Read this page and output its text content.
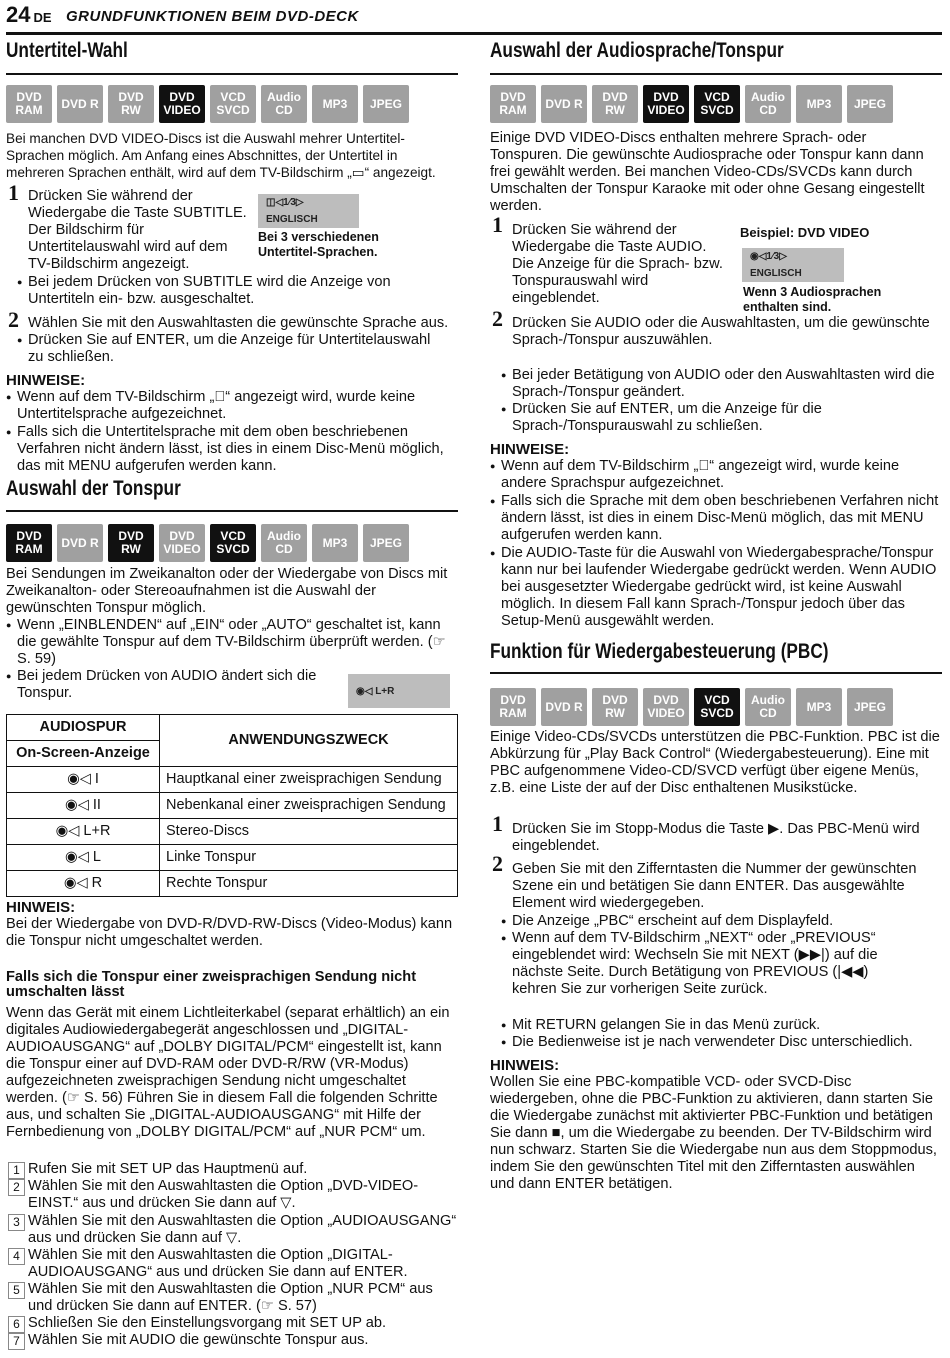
24 DE GRUNDFUNKTIONEN BEIM DVD-DECK
Untertitel-Wahl
DVD RAM	DVD R	DVD RW
DVD VIDEO
VCD SVCD
Audio CD	MP3	JPEG
Bei manchen DVD VIDEO-Discs ist die Auswahl mehrer Untertitel-Sprachen möglich. Am Anfang eines Abschnittes, der Untertitel in mehreren Sprachen enthält, wird auf dem TV-Bildschirm „▭“ angezeigt.
1 Drücken Sie während der Wiedergabe die Taste SUBTITLE. Der Bildschirm für Untertitelauswahl wird auf dem TV-Bildschirm angezeigt.
◫◁1⁄3▷ ENGLISCH
Bei 3 verschiedenen Untertitel-Sprachen.
● Bei jedem Drücken von SUBTITLE wird die Anzeige von Untertiteln ein- bzw. ausgeschaltet.
2 Wählen Sie mit den Auswahltasten die gewünschte Sprache aus.
● Drücken Sie auf ENTER, um die Anzeige für Untertitelauswahl zu schließen.
HINWEISE:
● Wenn auf dem TV-Bildschirm „⃠“ angezeigt wird, wurde keine Untertitelsprache aufgezeichnet.
● Falls sich die Untertitelsprache mit dem oben beschriebenen Verfahren nicht ändern lässt, ist dies in einem Disc-Menü möglich, das mit MENU aufgerufen werden kann.
Auswahl der Tonspur
DVD RAM	DVD R	DVD RW
DVD VIDEO
VCD SVCD
Audio CD	MP3	JPEG
Bei Sendungen im Zweikanalton oder der Wiedergabe von Discs mit Zweikanalton- oder Stereoaufnahmen ist die Auswahl der gewünschten Tonspur möglich.
● Wenn „EINBLENDEN“ auf „EIN“ oder „AUTO“ geschaltet ist, kann die gewählte Tonspur auf dem TV-Bildschirm überprüft werden. (☞ S. 59)
● Bei jedem Drücken von AUDIO ändert sich die Tonspur.	◉◁ L+R
AUDIOSPUR	ANWENDUNGSZWECK
On-Screen-Anzeige	
◉◁ I	Hauptkanal einer zweisprachigen Sendung
◉◁ II	Nebenkanal einer zweisprachigen Sendung
◉◁ L+R	Stereo-Discs
◉◁ L	Linke Tonspur
◉◁ R	Rechte Tonspur
HINWEIS:
Bei der Wiedergabe von DVD-R/DVD-RW-Discs (Video-Modus) kann die Tonspur nicht umgeschaltet werden.
Falls sich die Tonspur einer zweisprachigen Sendung nicht umschalten lässt
Wenn das Gerät mit einem Lichtleiterkabel (separat erhältlich) an ein digitales Audiowiedergabegerät angeschlossen und „DIGITAL-AUDIOAUSGANG“ auf „DOLBY DIGITAL/PCM“ eingestellt ist, kann die Tonspur einer auf DVD-RAM oder DVD-R/RW (VR-Modus) aufgezeichneten zweisprachigen Sendung nicht umgeschaltet werden. (☞ S. 56) Führen Sie in diesem Fall die folgenden Schritte aus, und schalten Sie „DIGITAL-AUDIOAUSGANG“ mit Hilfe der Fernbedienung von „DOLBY DIGITAL/PCM“ auf „NUR PCM“ um.
1 Rufen Sie mit SET UP das Hauptmenü auf.
2 Wählen Sie mit den Auswahltasten die Option „DVD-VIDEO-EINST.“ aus und drücken Sie dann auf ▽.
3 Wählen Sie mit den Auswahltasten die Option „AUDIOAUSGANG“ aus und drücken Sie dann auf ▽.
4 Wählen Sie mit den Auswahltasten die Option „DIGITAL-AUDIOAUSGANG“ aus und drücken Sie dann auf ENTER.
5 Wählen Sie mit den Auswahltasten die Option „NUR PCM“ aus und drücken Sie dann auf ENTER. (☞ S. 57)
6 Schließen Sie den Einstellungsvorgang mit SET UP ab.
7 Wählen Sie mit AUDIO die gewünschte Tonspur aus.
Auswahl der Audiosprache/Tonspur
DVD RAM	DVD R	DVD RW
DVD VIDEO
VCD SVCD
Audio CD	MP3	JPEG
Einige DVD VIDEO-Discs enthalten mehrere Sprach- oder Tonspuren. Die gewünschte Audiosprache oder Tonspur kann dann frei gewählt werden. Bei manchen Video-CDs/SVCDs kann durch Umschalten der Tonspur Karaoke mit oder ohne Gesang eingestellt werden.
1 Drücken Sie während der Wiedergabe die Taste AUDIO. Die Anzeige für die Sprach- bzw. Tonspurauswahl wird eingeblendet.
Beispiel: DVD VIDEO
◉◁1⁄3▷ ENGLISCH
Wenn 3 Audiosprachen enthalten sind.
2 Drücken Sie AUDIO oder die Auswahltasten, um die gewünschte Sprach-/Tonspur auszuwählen.
● Bei jeder Betätigung von AUDIO oder den Auswahltasten wird die Sprach-/Tonspur geändert.
● Drücken Sie auf ENTER, um die Anzeige für die Sprach-/Tonspurauswahl zu schließen.
HINWEISE:
● Wenn auf dem TV-Bildschirm „⃠“ angezeigt wird, wurde keine andere Sprachspur aufgezeichnet.
● Falls sich die Sprache mit dem oben beschriebenen Verfahren nicht ändern lässt, ist dies in einem Disc-Menü möglich, das mit MENU aufgerufen werden kann.
● Die AUDIO-Taste für die Auswahl von Wiedergabesprache/Tonspur kann nur bei laufender Wiedergabe gedrückt werden. Wenn AUDIO bei ausgesetzter Wiedergabe gedrückt wird, ist keine Auswahl möglich. In diesem Fall kann Sprach-/Tonspur jedoch über das Setup-Menü ausgewählt werden.
Funktion für Wiedergabesteuerung (PBC)
DVD RAM	DVD R	DVD RW
DVD VIDEO
VCD SVCD
Audio CD	MP3	JPEG
Einige Video-CDs/SVCDs unterstützen die PBC-Funktion. PBC ist die Abkürzung für „Play Back Control“ (Wiedergabesteuerung). Eine mit PBC aufgenommene Video-CD/SVCD verfügt über eigene Menüs, z.B. eine Liste der auf der Disc enthaltenen Musikstücke.
1 Drücken Sie im Stopp-Modus die Taste ▶. Das PBC-Menü wird eingeblendet.
2 Geben Sie mit den Zifferntasten die Nummer der gewünschten Szene ein und betätigen Sie dann ENTER. Das ausgewählte Element wird wiedergegeben.
● Die Anzeige „PBC“ erscheint auf dem Displayfeld.
● Wenn auf dem TV-Bildschirm „NEXT“ oder „PREVIOUS“ eingeblendet wird: Wechseln Sie mit NEXT (▶▶|) auf die nächste Seite. Durch Betätigung von PREVIOUS (|◀◀) kehren Sie zur vorherigen Seite zurück.
● Mit RETURN gelangen Sie in das Menü zurück.
● Die Bedienweise ist je nach verwendeter Disc unterschiedlich.
HINWEIS:
Wollen Sie eine PBC-kompatible VCD- oder SVCD-Disc wiedergeben, ohne die PBC-Funktion zu aktivieren, dann starten Sie die Wiedergabe zunächst mit aktivierter PBC-Funktion und betätigen Sie dann ■, um die Wiedergabe zu beenden. Der TV-Bildschirm wird nun schwarz. Starten Sie die Wiedergabe nun aus dem Stoppmodus, indem Sie den gewünschten Titel mit den Zifferntasten auswählen und dann ENTER betätigen.
